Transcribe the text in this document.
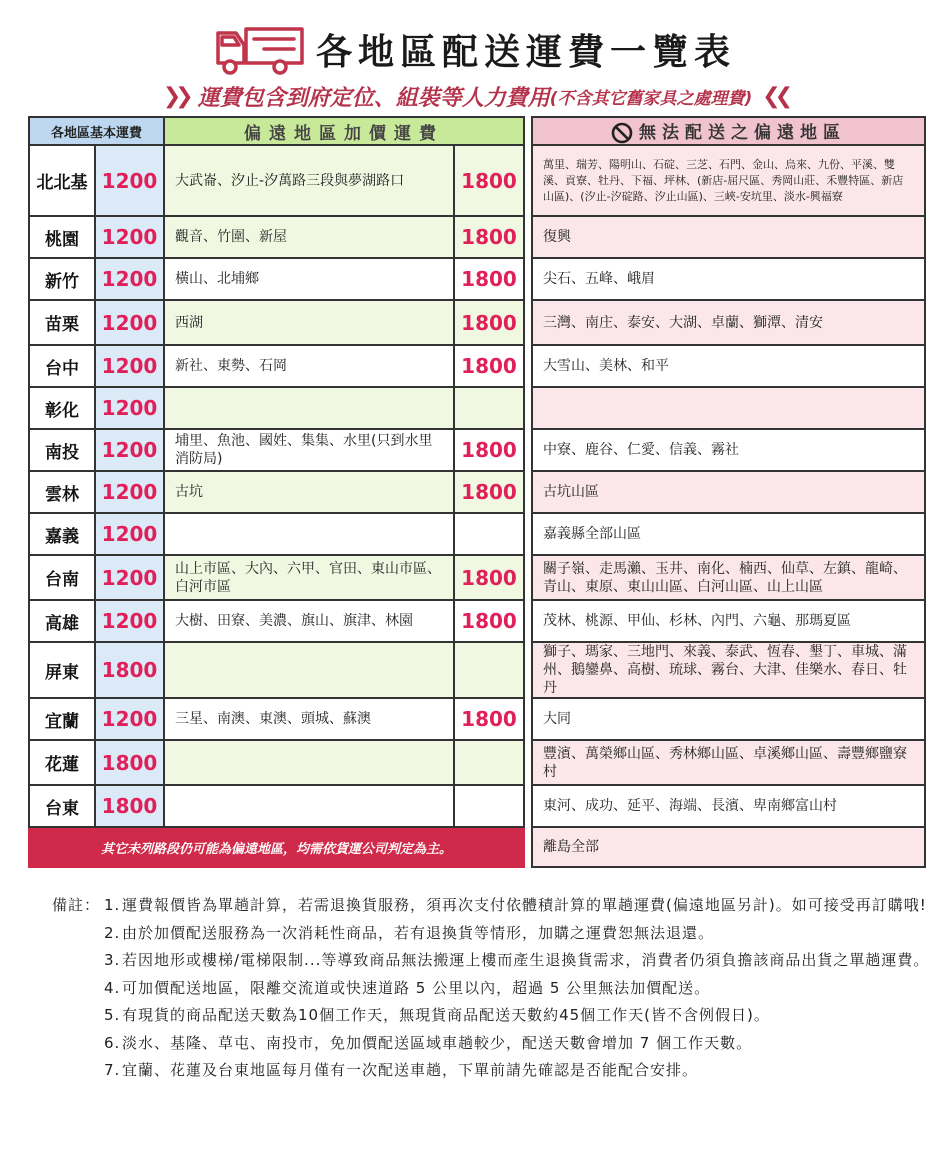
各地區配送運費一覽表
❯❯ 運費包含到府定位、組裝等人力費用 (不含其它舊家具之處理費) ❮❮
各地區基本運費		偏遠地區加價運費			無法配送之偏遠地區
北北基	1200	大武崙、汐止-汐萬路三段與夢湖路口	1800		萬里、瑞芳、陽明山、石碇、三芝、石門、金山、烏來、九份、平溪、雙溪、貢寮、牡丹、下福、坪林、(新店-屈尺區、秀岡山莊、禾豐特區、新店山區)、(汐止-汐碇路、汐止山區)、三峽-安坑里、淡水-興福寮
桃園	1200	觀音、竹圍、新屋	1800		復興
新竹	1200	橫山、北埔鄉	1800		尖石、五峰、峨眉
苗栗	1200	西湖	1800		三灣、南庄、泰安、大湖、卓蘭、獅潭、清安
台中	1200	新社、東勢、石岡	1800		大雪山、美林、和平
彰化	1200				
南投	1200	埔里、魚池、國姓、集集、水里(只到水里消防局)	1800		中寮、鹿谷、仁愛、信義、霧社
雲林	1200	古坑	1800		古坑山區
嘉義	1200				嘉義縣全部山區
台南	1200	山上市區、大內、六甲、官田、東山市區、白河市區	1800		關子嶺、走馬瀨、玉井、南化、楠西、仙草、左鎮、龍崎、青山、東原、東山山區、白河山區、山上山區
高雄	1200	大樹、田寮、美濃、旗山、旗津、林園	1800		茂林、桃源、甲仙、杉林、內門、六龜、那瑪夏區
屏東	1800				獅子、瑪家、三地門、來義、泰武、恆春、墾丁、車城、滿州、鵝鑾鼻、高樹、琉球、霧台、大津、佳樂水、春日、牡丹
宜蘭	1200	三星、南澳、東澳、頭城、蘇澳	1800		大同
花蓮	1800				豐濱、萬榮鄉山區、秀林鄉山區、卓溪鄉山區、壽豐鄉鹽寮村
台東	1800				東河、成功、延平、海端、長濱、卑南鄉富山村
其它未列路段仍可能為偏遠地區，均需依貨運公司判定為主。					離島全部
備註： 1. 運費報價皆為單趟計算，若需退換貨服務，須再次支付依體積計算的單趟運費(偏遠地區另計)。如可接受再訂購哦!
2. 由於加價配送服務為一次消耗性商品，若有退換貨等情形，加購之運費恕無法退還。
3. 若因地形或樓梯/電梯限制...等導致商品無法搬運上樓而產生退換貨需求，消費者仍須負擔該商品出貨之單趟運費。
4. 可加價配送地區，限離交流道或快速道路 5 公里以內，超過 5 公里無法加價配送。
5. 有現貨的商品配送天數為10個工作天，無現貨商品配送天數約45個工作天(皆不含例假日)。
6. 淡水、基隆、草屯、南投市，免加價配送區域車趟較少，配送天數會增加 7 個工作天數。
7. 宜蘭、花蓮及台東地區每月僅有一次配送車趟，下單前請先確認是否能配合安排。
